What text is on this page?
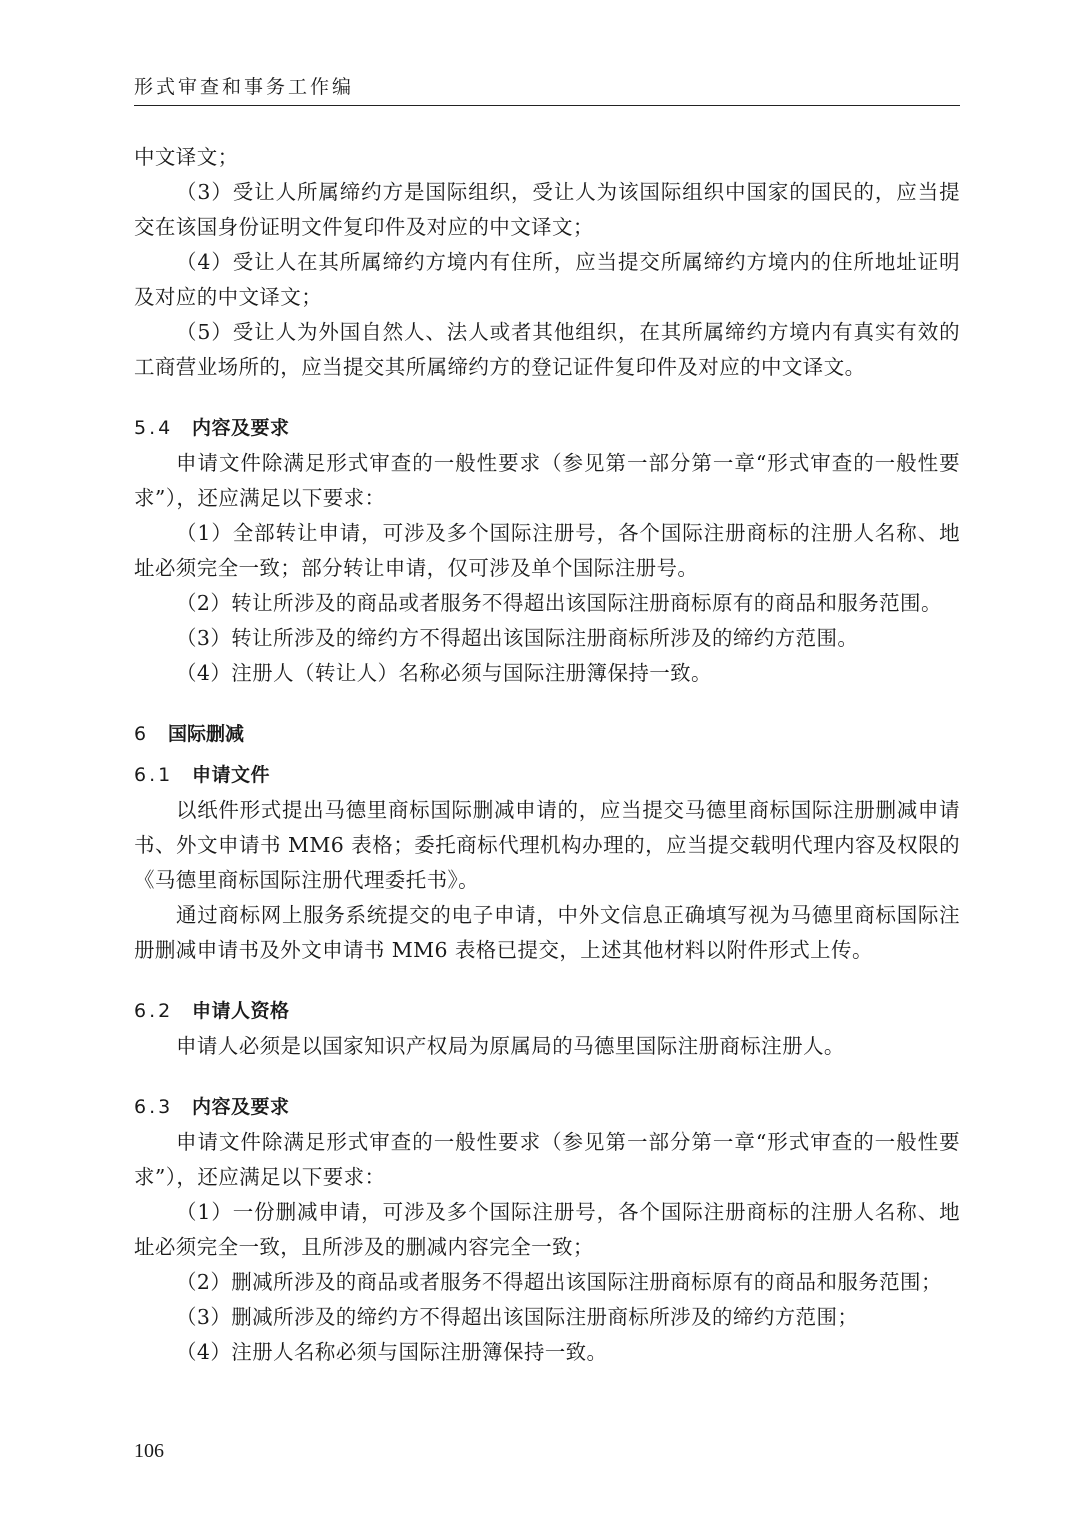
形式审查和事务工作编

中文译文；

（3）受让人所属缔约方是国际组织，受让人为该国际组织中国家的国民的，应当提交在该国身份证明文件复印件及对应的中文译文；

（4）受让人在其所属缔约方境内有住所，应当提交所属缔约方境内的住所地址证明及对应的中文译文；

（5）受让人为外国自然人、法人或者其他组织，在其所属缔约方境内有真实有效的工商营业场所的，应当提交其所属缔约方的登记证件复印件及对应的中文译文。

5.4 内容及要求

申请文件除满足形式审查的一般性要求（参见第一部分第一章“形式审查的一般性要求”），还应满足以下要求：

（1）全部转让申请，可涉及多个国际注册号，各个国际注册商标的注册人名称、地址必须完全一致；部分转让申请，仅可涉及单个国际注册号。

（2）转让所涉及的商品或者服务不得超出该国际注册商标原有的商品和服务范围。

（3）转让所涉及的缔约方不得超出该国际注册商标所涉及的缔约方范围。

（4）注册人（转让人）名称必须与国际注册簿保持一致。

6 国际删减
6.1 申请文件

以纸件形式提出马德里商标国际删减申请的，应当提交马德里商标国际注册删减申请书、外文申请书 MM6 表格；委托商标代理机构办理的，应当提交载明代理内容及权限的《马德里商标国际注册代理委托书》。

通过商标网上服务系统提交的电子申请，中外文信息正确填写视为马德里商标国际注册删减申请书及外文申请书 MM6 表格已提交，上述其他材料以附件形式上传。

6.2 申请人资格

申请人必须是以国家知识产权局为原属局的马德里国际注册商标注册人。

6.3 内容及要求

申请文件除满足形式审查的一般性要求（参见第一部分第一章“形式审查的一般性要求”），还应满足以下要求：

（1）一份删减申请，可涉及多个国际注册号，各个国际注册商标的注册人名称、地址必须完全一致，且所涉及的删减内容完全一致；

（2）删减所涉及的商品或者服务不得超出该国际注册商标原有的商品和服务范围；

（3）删减所涉及的缔约方不得超出该国际注册商标所涉及的缔约方范围；

（4）注册人名称必须与国际注册簿保持一致。

106
